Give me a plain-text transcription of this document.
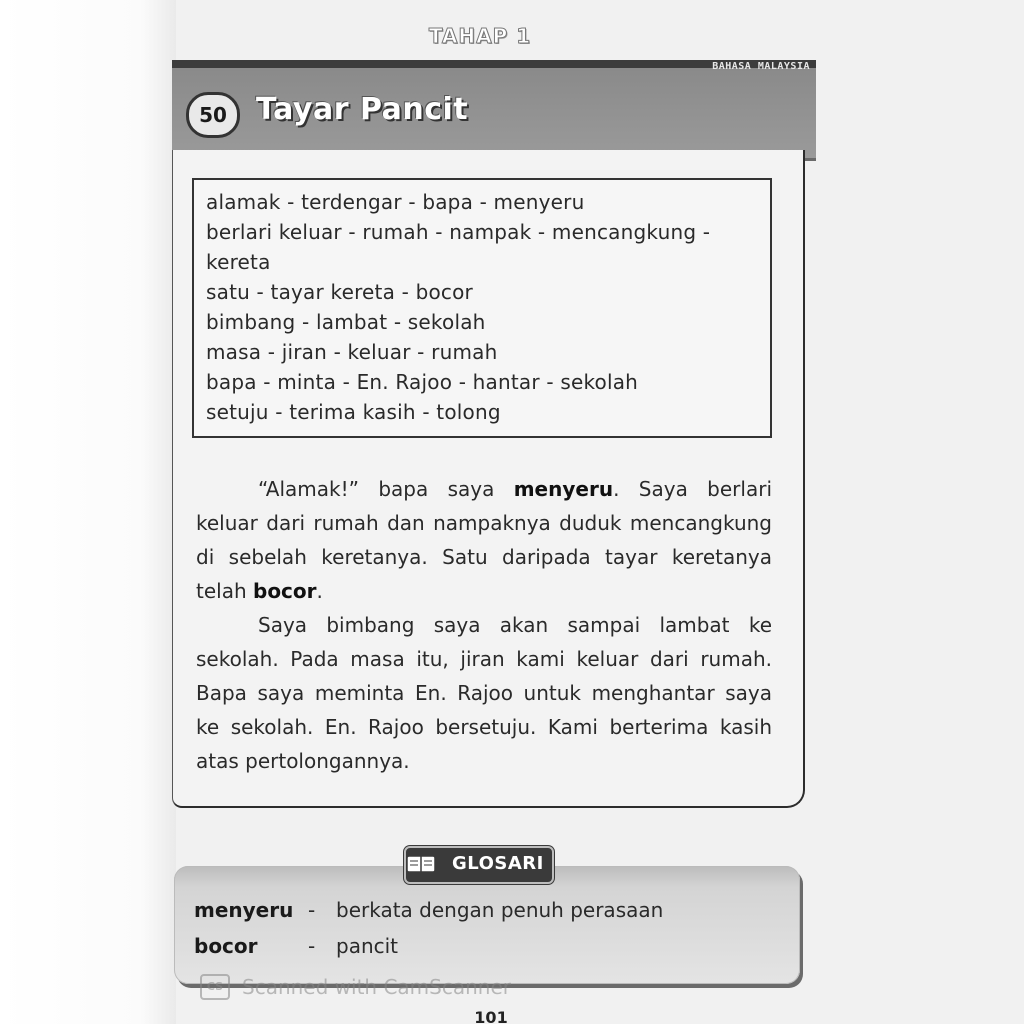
TAHAP 1
BAHASA MALAYSIA
50 Tayar Pancit
alamak - terdengar - bapa - menyeru
berlari keluar - rumah - nampak - mencangkung -
kereta
satu - tayar kereta - bocor
bimbang - lambat - sekolah
masa - jiran - keluar - rumah
bapa - minta - En. Rajoo - hantar - sekolah
setuju - terima kasih - tolong

“Alamak!” bapa saya menyeru. Saya berlari keluar dari rumah dan nampaknya duduk mencangkung di sebelah keretanya. Satu daripada tayar keretanya telah bocor.

Saya bimbang saya akan sampai lambat ke sekolah. Pada masa itu, jiran kami keluar dari rumah. Bapa saya meminta En. Rajoo untuk menghantar saya ke sekolah. En. Rajoo bersetuju. Kami berterima kasih atas pertolongannya.

GLOSARI
menyeru - berkata dengan penuh perasaan
bocor	- pancit
CS Scanned with CamScanner
101
